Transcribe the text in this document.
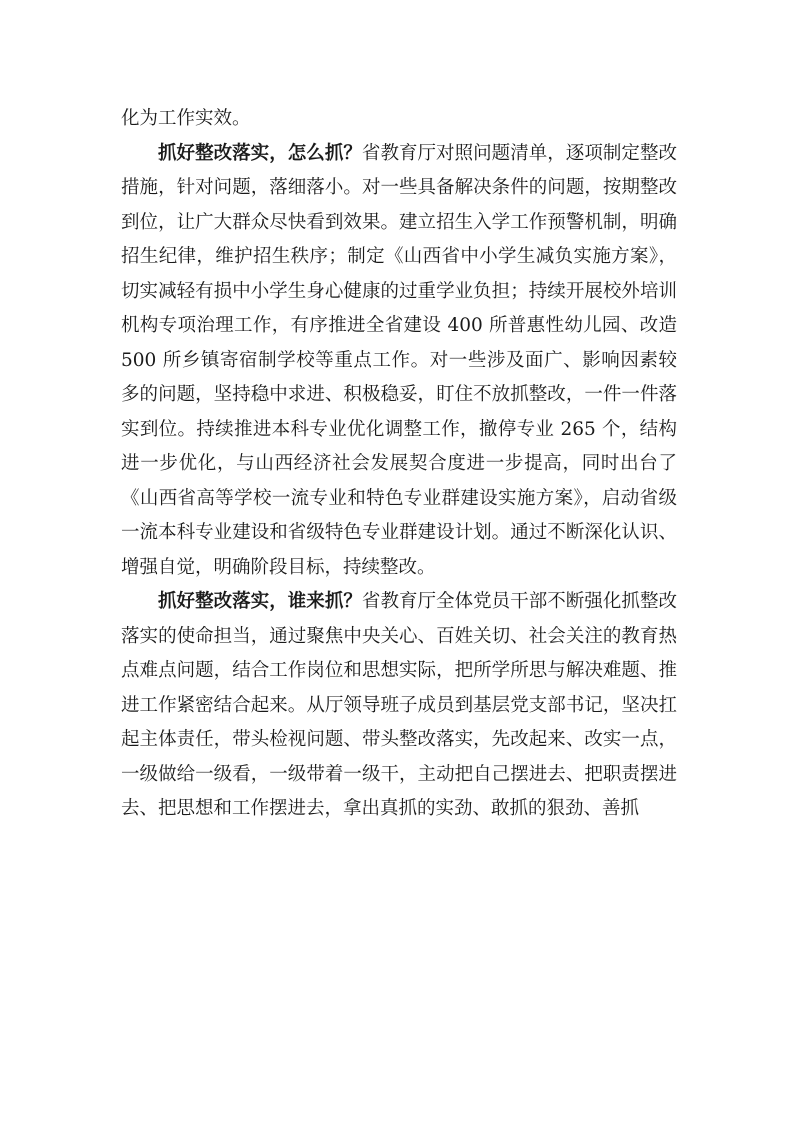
化为工作实效。

抓好整改落实，怎么抓？省教育厅对照问题清单，逐项制定整改措施，针对问题，落细落小。对一些具备解决条件的问题，按期整改到位，让广大群众尽快看到效果。建立招生入学工作预警机制，明确招生纪律，维护招生秩序；制定《山西省中小学生减负实施方案》，切实减轻有损中小学生身心健康的过重学业负担；持续开展校外培训机构专项治理工作，有序推进全省建设 400 所普惠性幼儿园、改造 500 所乡镇寄宿制学校等重点工作。对一些涉及面广、影响因素较多的问题，坚持稳中求进、积极稳妥，盯住不放抓整改，一件一件落实到位。持续推进本科专业优化调整工作，撤停专业 265 个，结构进一步优化，与山西经济社会发展契合度进一步提高，同时出台了《山西省高等学校一流专业和特色专业群建设实施方案》，启动省级一流本科专业建设和省级特色专业群建设计划。通过不断深化认识、增强自觉，明确阶段目标，持续整改。

抓好整改落实，谁来抓？省教育厅全体党员干部不断强化抓整改落实的使命担当，通过聚焦中央关心、百姓关切、社会关注的教育热点难点问题，结合工作岗位和思想实际，把所学所思与解决难题、推进工作紧密结合起来。从厅领导班子成员到基层党支部书记，坚决扛起主体责任，带头检视问题、带头整改落实，先改起来、改实一点，一级做给一级看，一级带着一级干，主动把自己摆进去、把职责摆进去、把思想和工作摆进去，拿出真抓的实劲、敢抓的狠劲、善抓
